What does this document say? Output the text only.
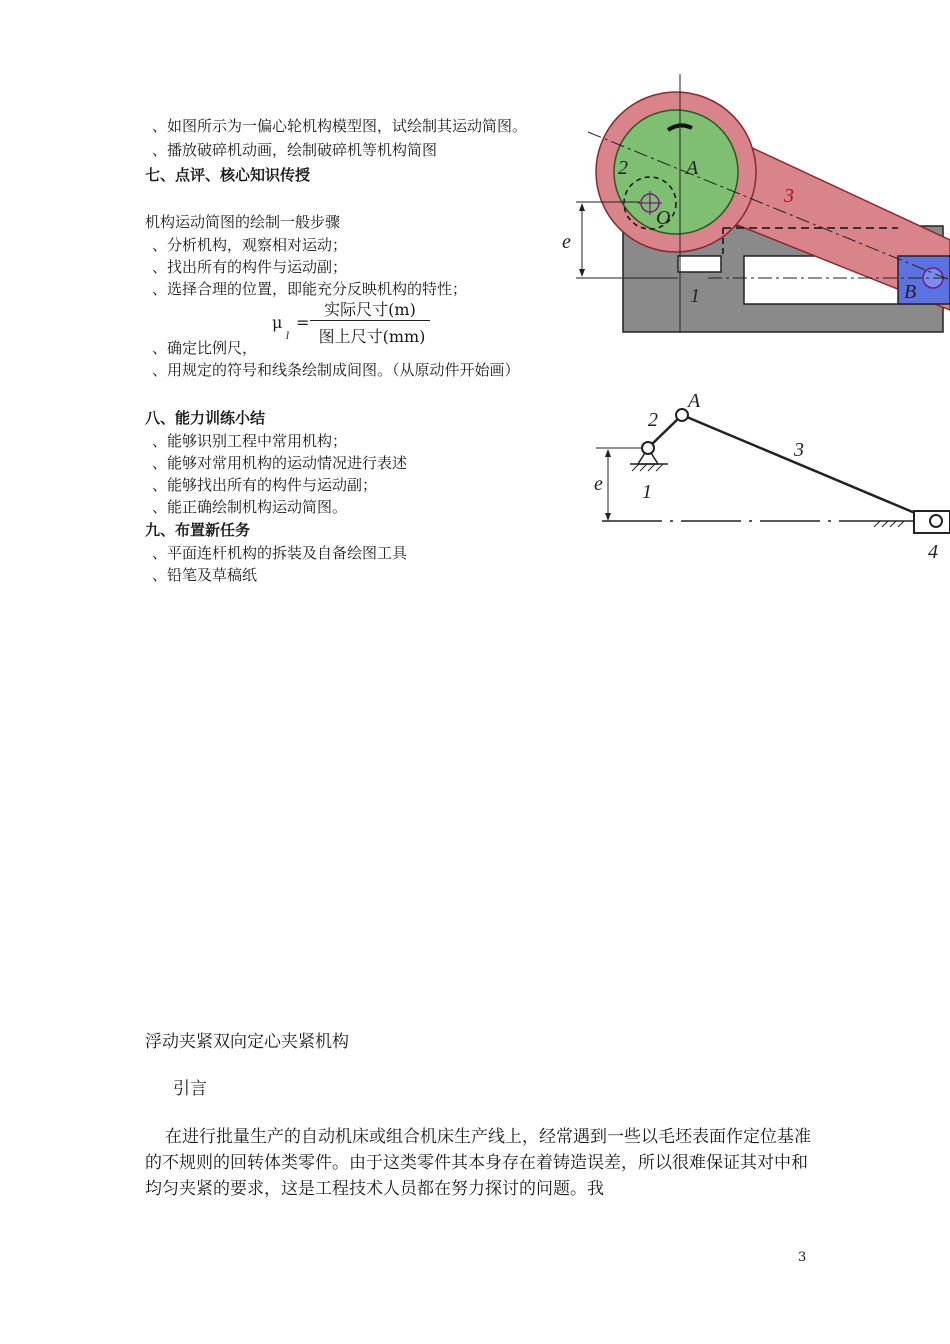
、如图所示为一偏心轮机构模型图，试绘制其运动简图。
、播放破碎机动画，绘制破碎机等机构简图
七、点评、核心知识传授
机构运动简图的绘制一般步骤
、分析机构，观察相对运动；
、找出所有的构件与运动副；
、选择合理的位置，即能充分反映机构的特性；
μ
l
=
实际尺寸(m)
图上尺寸(mm)
、确定比例尺，
、用规定的符号和线条绘制成间图。（从原动件开始画）
八、能力训练小结
、能够识别工程中常用机构；
、能够对常用机构的运动情况进行表述
、能够找出所有的构件与运动副；
、能正确绘制机构运动简图。
九、布置新任务
、平面连杆机构的拆装及自备绘图工具
、铅笔及草稿纸
e
A
O
2
3
1	B
e
2
A
3
1
4
浮动夹紧双向定心夹紧机构
引言
在进行批量生产的自动机床或组合机床生产线上，经常遇到一些以毛坯表面作定位基准的不规则的回转体类零件。由于这类零件其本身存在着铸造误差，所以很难保证其对中和均匀夹紧的要求，这是工程技术人员都在努力探讨的问题。我
3
